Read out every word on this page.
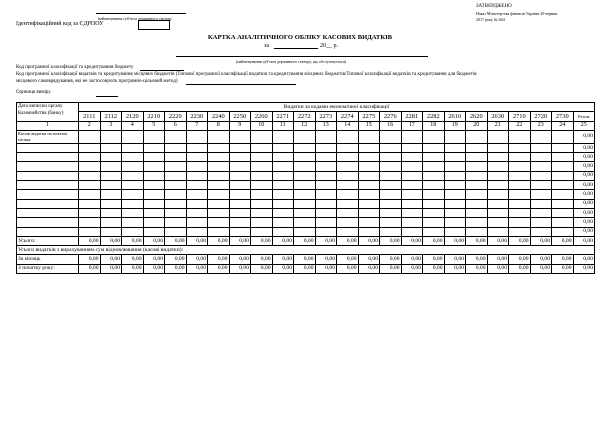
ЗАТВЕРДЖЕНО
Наказ Міністерства фінансів України 29 червня
2017 року № 604
найменування суб'єкта державного сектору
Ідентифікаційний код за ЄДРПОУ
КАРТКА АНАЛІТИЧНОГО ОБЛІКУ КАСОВИХ ВИДАТКІВ
за	20__ р.
(найменування суб'єкта державного сектору, що обслуговується)
Код програмної класифікації та кредитування бюджету
Код програмної класифікації видатків та кредитування місцевих бюджетів (Типової програмної класифікації видатків та кредитування місцевих бюджетів/Типової класифікації видатків та кредитування для бюджетів
місцевого самоврядування, які не застосовують програмно-цільовий метод)
Одиниця виміру
Дата виписки органу
Казначейства (банку)	Видатки за кодами економічної класифікації																							
	2111	2112	2120	2210	2220	2230	2240	2250	2260	2271	2272	2273	2274	2275	2276	2281	2282	2610	2620	2630	2710	2720	2730	Разом
1	2	3	4	5	6	7	8	9	10	11	12	13	14	15	16	17	18	19	20	21	22	23	24	25
Касові видатки на початок місяця																								0,00
																								0,00
																								0,00
																								0,00
																								0,00
																								0,00
																								0,00
																								0,00
																								0,00
																								0,00
																								0,00
Усього:	0,00	0,00	0,00	0,00	0,00	0,00	0,00	0,00	0,00	0,00	0,00	0,00	0,00	0,00	0,00	0,00	0,00	0,00	0,00	0,00	0,00	0,00	0,00	0,00
Усього видатків з вирахуванням сум відновлювання (касові видатки):																								
За місяць	0,00	0,00	0,00	0,00	0,00	0,00	0,00	0,00	0,00	0,00	0,00	0,00	0,00	0,00	0,00	0,00	0,00	0,00	0,00	0,00	0,00	0,00	0,00	0,00
З початку року:	0,00	0,00	0,00	0,00	0,00	0,00	0,00	0,00	0,00	0,00	0,00	0,00	0,00	0,00	0,00	0,00	0,00	0,00	0,00	0,00	0,00	0,00	0,00	0,00
